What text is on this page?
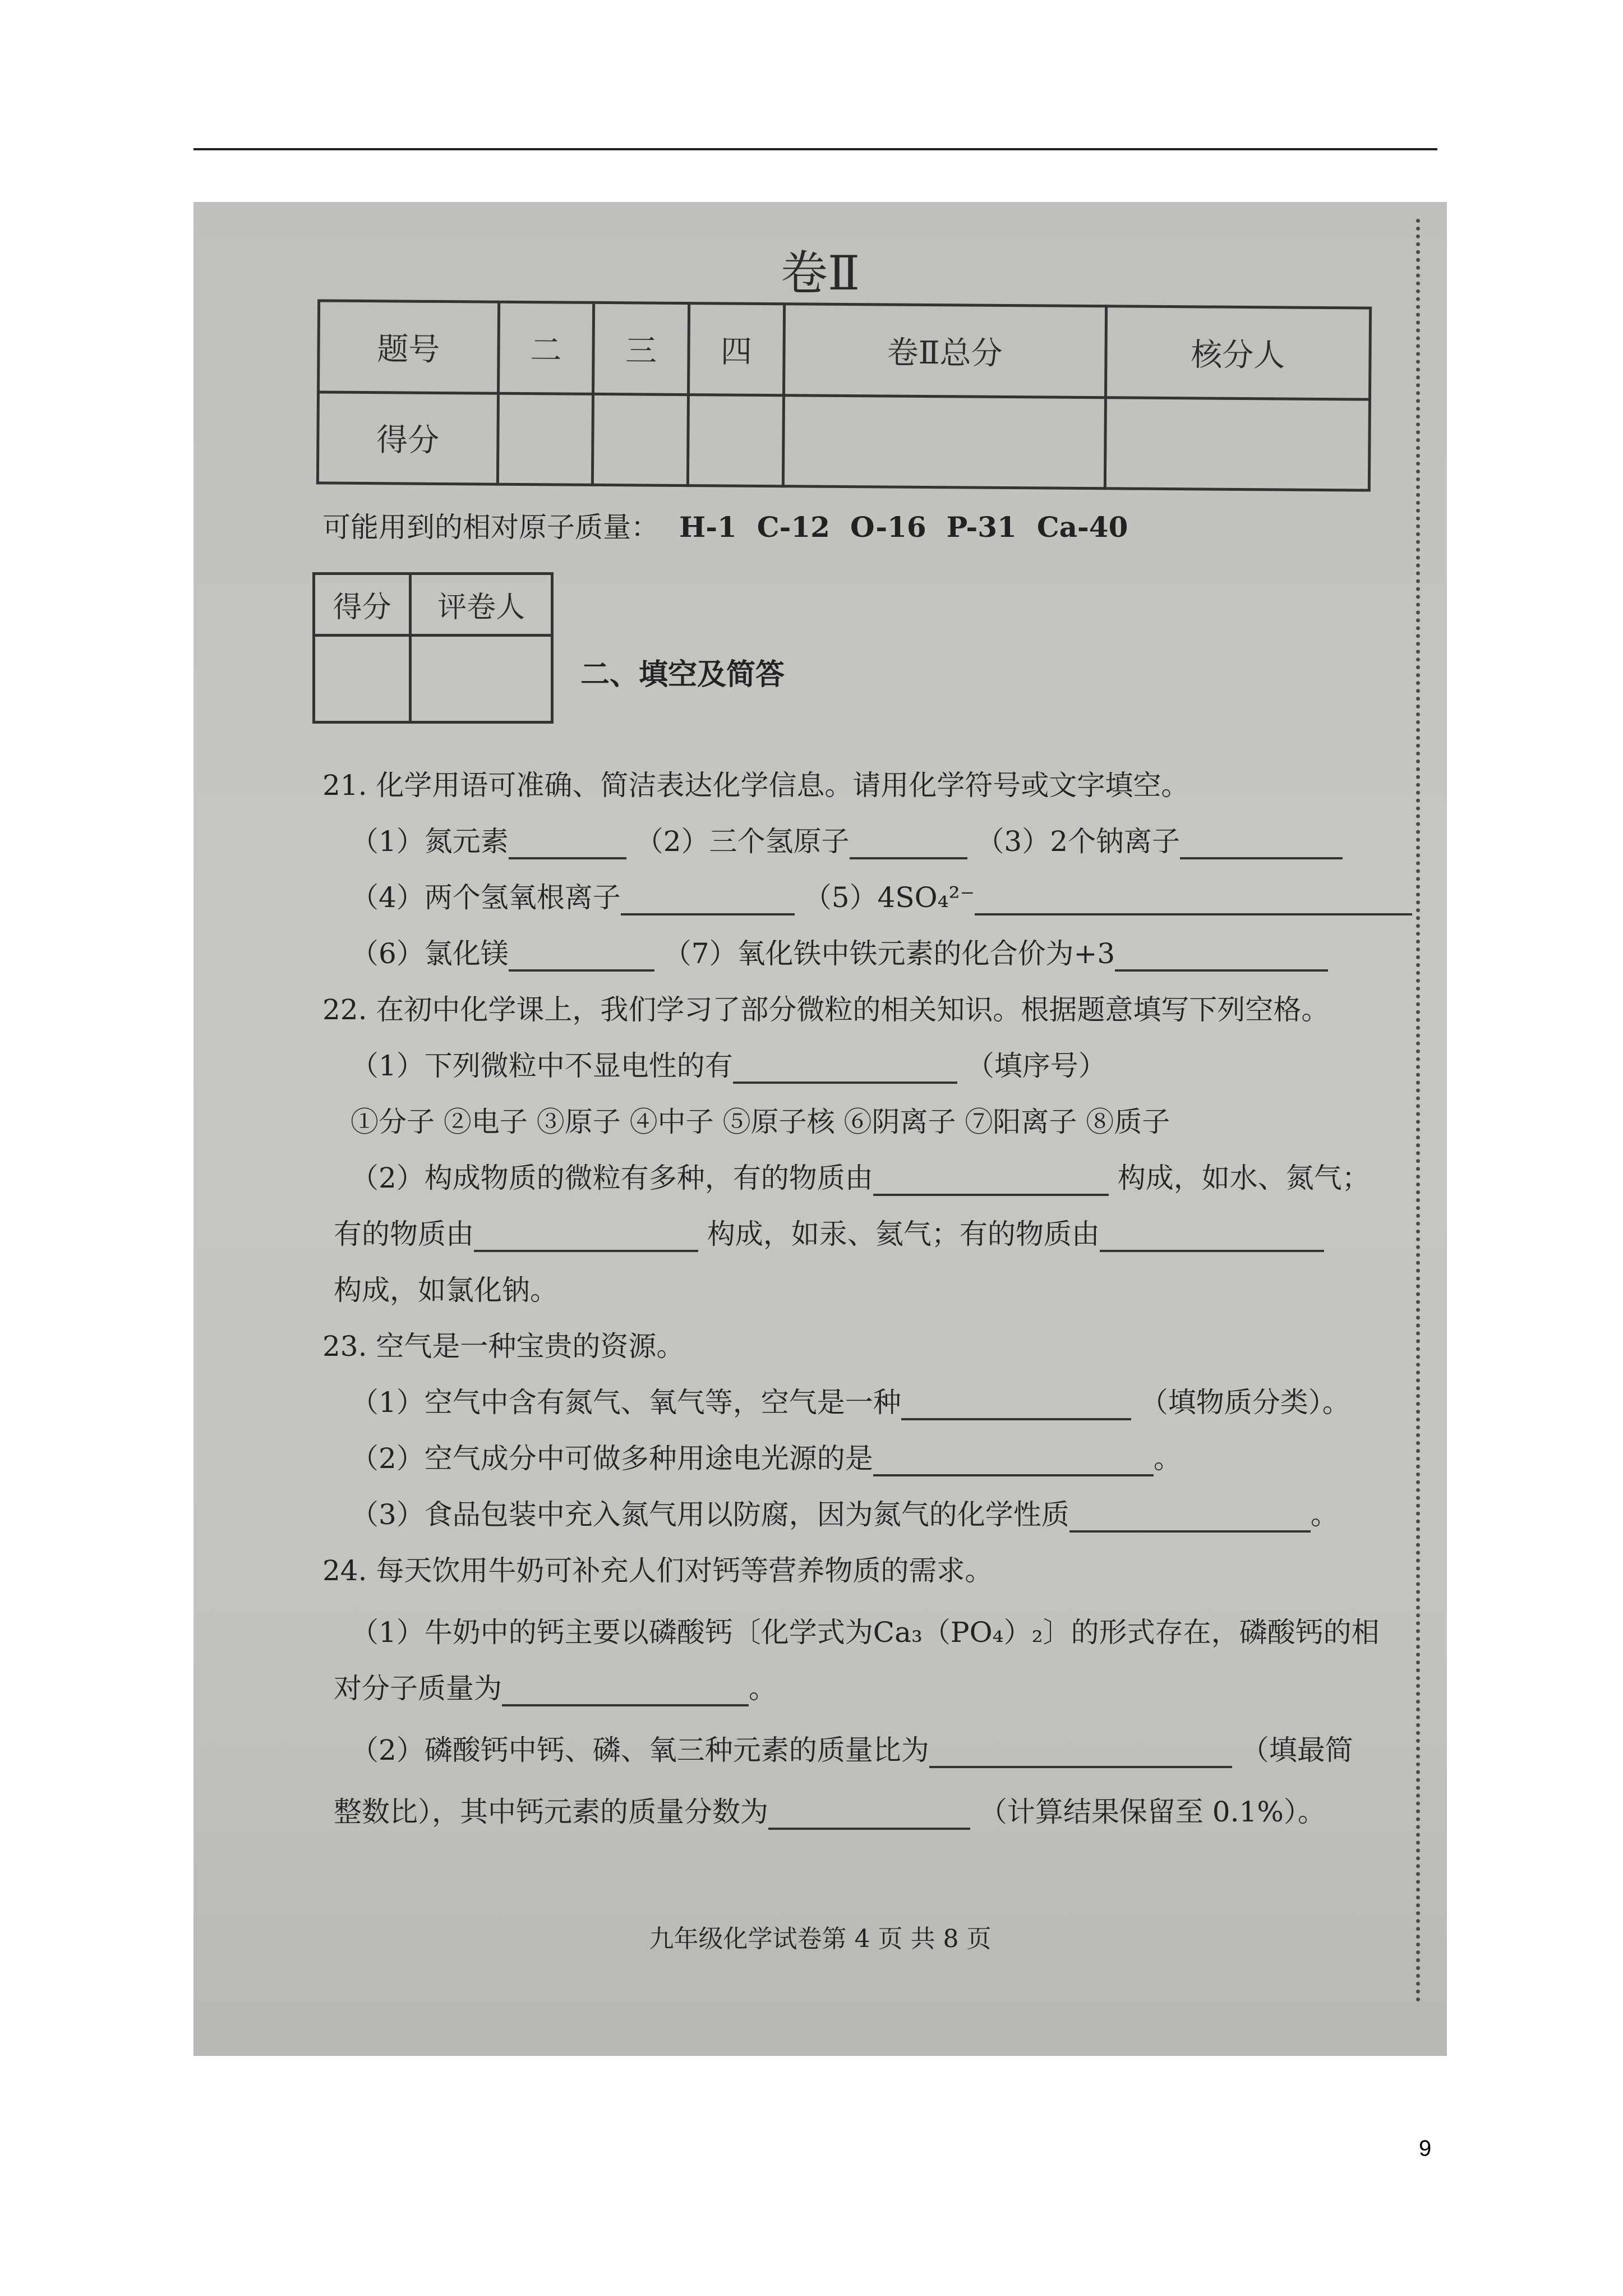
卷Ⅱ
题号	二	三	四	卷Ⅱ总分	核分人
得分					
可能用到的相对原子质量： H-1 C-12 O-16 P-31 Ca-40
得分	评卷人

二、填空及简答
21. 化学用语可准确、简洁表达化学信息。请用化学符号或文字填空。
（1）氮元素	（2）三个氢原子	（3）2个钠离子
（4）两个氢氧根离子	（5）4SO₄²⁻
（6）氯化镁	（7）氧化铁中铁元素的化合价为+3
22. 在初中化学课上，我们学习了部分微粒的相关知识。根据题意填写下列空格。
（1）下列微粒中不显电性的有	（填序号）
①分子 ②电子 ③原子 ④中子 ⑤原子核 ⑥阴离子 ⑦阳离子 ⑧质子
（2）构成物质的微粒有多种，有的物质由	构成，如水、氮气；
有的物质由	构成，如汞、氦气；有的物质由
构成，如氯化钠。
23. 空气是一种宝贵的资源。
（1）空气中含有氮气、氧气等，空气是一种	（填物质分类）。
（2）空气成分中可做多种用途电光源的是	。
（3）食品包装中充入氮气用以防腐，因为氮气的化学性质	。
24. 每天饮用牛奶可补充人们对钙等营养物质的需求。
（1）牛奶中的钙主要以磷酸钙〔化学式为Ca₃（PO₄）₂〕的形式存在，磷酸钙的相
对分子质量为	。
（2）磷酸钙中钙、磷、氧三种元素的质量比为	（填最简
整数比），其中钙元素的质量分数为	（计算结果保留至 0.1%）。
九年级化学试卷第 4 页 共 8 页
9
